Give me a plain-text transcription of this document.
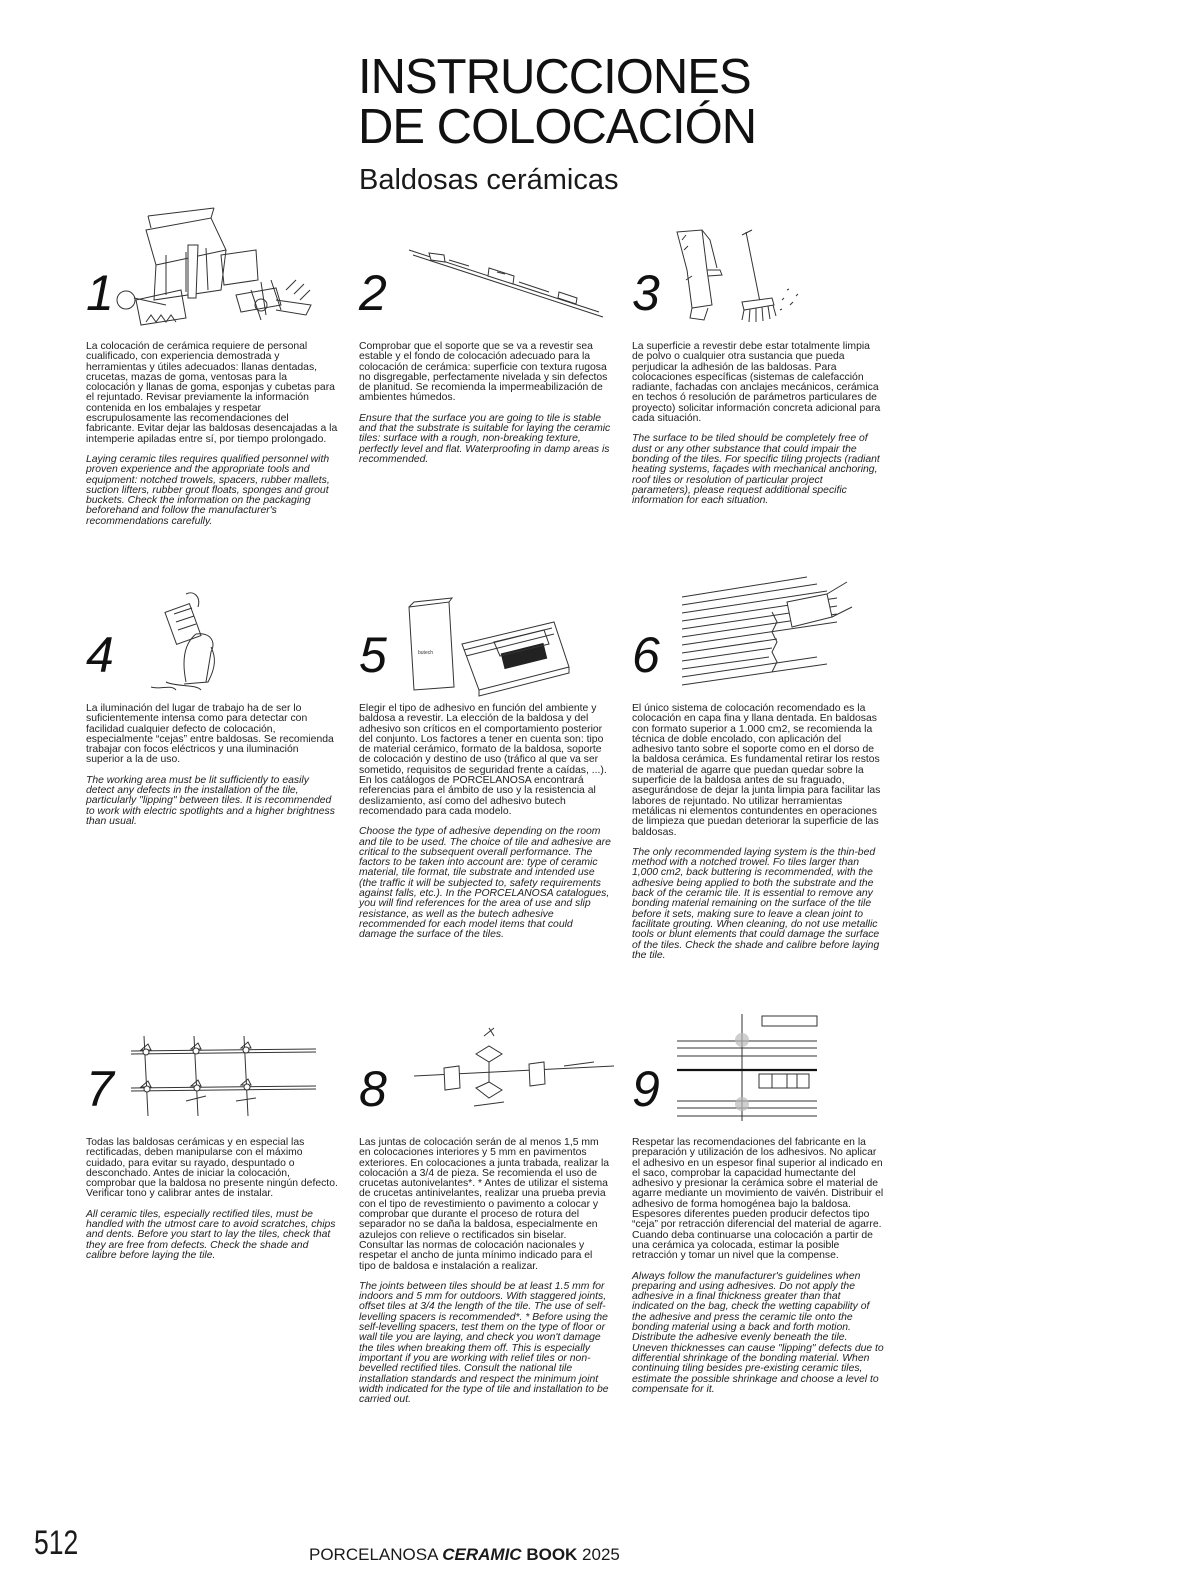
INSTRUCCIONES
DE COLOCACIÓN
Baldosas cerámicas
1

La colocación de cerámica requiere de personal cualificado, con experiencia demostrada y herramientas y útiles adecuados: llanas dentadas, crucetas, mazas de goma, ventosas para la colocación y llanas de goma, esponjas y cubetas para el rejuntado. Revisar previamente la información contenida en los embalajes y respetar escrupulosamente las recomendaciones del fabricante. Evitar dejar las baldosas desencajadas a la intemperie apiladas entre sí, por tiempo prolongado.

Laying ceramic tiles requires qualified personnel with proven experience and the appropriate tools and equipment: notched trowels, spacers, rubber mallets, suction lifters, rubber grout floats, sponges and grout buckets. Check the information on the packaging beforehand and follow the manufacturer's recommendations carefully.

2

Comprobar que el soporte que se va a revestir sea estable y el fondo de colocación adecuado para la colocación de cerámica: superficie con textura rugosa no disgregable, perfectamente nivelada y sin defectos de planitud. Se recomienda la impermeabilización de ambientes húmedos.

Ensure that the surface you are going to tile is stable and that the substrate is suitable for laying the ceramic tiles: surface with a rough, non-breaking texture, perfectly level and flat. Waterproofing in damp areas is recommended.

3

La superficie a revestir debe estar totalmente limpia de polvo o cualquier otra sustancia que pueda perjudicar la adhesión de las baldosas. Para colocaciones específicas (sistemas de calefacción radiante, fachadas con anclajes mecánicos, cerámica en techos ó resolución de parámetros particulares de proyecto) solicitar información concreta adicional para cada situación.

The surface to be tiled should be completely free of dust or any other substance that could impair the bonding of the tiles. For specific tiling projects (radiant heating systems, façades with mechanical anchoring, roof tiles or resolution of particular project parameters), please request additional specific information for each situation.

4

La iluminación del lugar de trabajo ha de ser lo suficientemente intensa como para detectar con facilidad cualquier defecto de colocación, especialmente “cejas” entre baldosas. Se recomienda trabajar con focos eléctricos y una iluminación superior a la de uso.

The working area must be lit sufficiently to easily detect any defects in the installation of the tile, particularly "lipping" between tiles. It is recommended to work with electric spotlights and a higher brightness than usual.

butech
5

Elegir el tipo de adhesivo en función del ambiente y baldosa a revestir. La elección de la baldosa y del adhesivo son críticos en el comportamiento posterior del conjunto. Los factores a tener en cuenta son: tipo de material cerámico, formato de la baldosa, soporte de colocación y destino de uso (tráfico al que va ser sometido, requisitos de seguridad frente a caídas, ...). En los catálogos de PORCELANOSA encontrará referencias para el ámbito de uso y la resistencia al deslizamiento, así como del adhesivo butech recomendado para cada modelo.

Choose the type of adhesive depending on the room and tile to be used. The choice of tile and adhesive are critical to the subsequent overall performance. The factors to be taken into account are: type of ceramic material, tile format, tile substrate and intended use (the traffic it will be subjected to, safety requirements against falls, etc.). In the PORCELANOSA catalogues, you will find references for the area of use and slip resistance, as well as the butech adhesive recommended for each model items that could damage the surface of the tiles.

6

El único sistema de colocación recomendado es la colocación en capa fina y llana dentada. En baldosas con formato superior a 1.000 cm2, se recomienda la técnica de doble encolado, con aplicación del adhesivo tanto sobre el soporte como en el dorso de la baldosa cerámica. Es fundamental retirar los restos de material de agarre que puedan quedar sobre la superficie de la baldosa antes de su fraguado, asegurándose de dejar la junta limpia para facilitar las labores de rejuntado. No utilizar herramientas metálicas ni elementos contundentes en operaciones de limpieza que puedan deteriorar la superficie de las baldosas.

The only recommended laying system is the thin-bed method with a notched trowel. Fo tiles larger than 1,000 cm2, back buttering is recommended, with the adhesive being applied to both the substrate and the back of the ceramic tile. It is essential to remove any bonding material remaining on the surface of the tile before it sets, making sure to leave a clean joint to facilitate grouting. When cleaning, do not use metallic tools or blunt elements that could damage the surface of the tiles. Check the shade and calibre before laying the tile.

7

Todas las baldosas cerámicas y en especial las rectificadas, deben manipularse con el máximo cuidado, para evitar su rayado, despuntado o desconchado. Antes de iniciar la colocación, comprobar que la baldosa no presente ningún defecto. Verificar tono y calibrar antes de instalar.

All ceramic tiles, especially rectified tiles, must be handled with the utmost care to avoid scratches, chips and dents. Before you start to lay the tiles, check that they are free from defects. Check the shade and calibre before laying the tile.

8

Las juntas de colocación serán de al menos 1,5 mm en colocaciones interiores y 5 mm en pavimentos exteriores. En colocaciones a junta trabada, realizar la colocación a 3/4 de pieza. Se recomienda el uso de crucetas autonivelantes*. * Antes de utilizar el sistema de crucetas antinivelantes, realizar una prueba previa con el tipo de revestimiento o pavimento a colocar y comprobar que durante el proceso de rotura del separador no se daña la baldosa, especialmente en azulejos con relieve o rectificados sin biselar. Consultar las normas de colocación nacionales y respetar el ancho de junta mínimo indicado para el tipo de baldosa e instalación a realizar.

The joints between tiles should be at least 1.5 mm for indoors and 5 mm for outdoors. With staggered joints, offset tiles at 3/4 the length of the tile. The use of self-levelling spacers is recommended*. * Before using the self-levelling spacers, test them on the type of floor or wall tile you are laying, and check you won't damage the tiles when breaking them off. This is especially important if you are working with relief tiles or non-bevelled rectified tiles. Consult the national tile installation standards and respect the minimum joint width indicated for the type of tile and installation to be carried out.

9

Respetar las recomendaciones del fabricante en la preparación y utilización de los adhesivos. No aplicar el adhesivo en un espesor final superior al indicado en el saco, comprobar la capacidad humectante del adhesivo y presionar la cerámica sobre el material de agarre mediante un movimiento de vaivén. Distribuir el adhesivo de forma homogénea bajo la baldosa. Espesores diferentes pueden producir defectos tipo “ceja” por retracción diferencial del material de agarre. Cuando deba continuarse una colocación a partir de una cerámica ya colocada, estimar la posible retracción y tomar un nivel que la compense.

Always follow the manufacturer's guidelines when preparing and using adhesives. Do not apply the adhesive in a final thickness greater than that indicated on the bag, check the wetting capability of the adhesive and press the ceramic tile onto the bonding material using a back and forth motion. Distribute the adhesive evenly beneath the tile. Uneven thicknesses can cause "lipping" defects due to differential shrinkage of the bonding material. When continuing tiling besides pre-existing ceramic tiles, estimate the possible shrinkage and choose a level to compensate for it.

512	PORCELANOSA CERAMIC BOOK 2025
